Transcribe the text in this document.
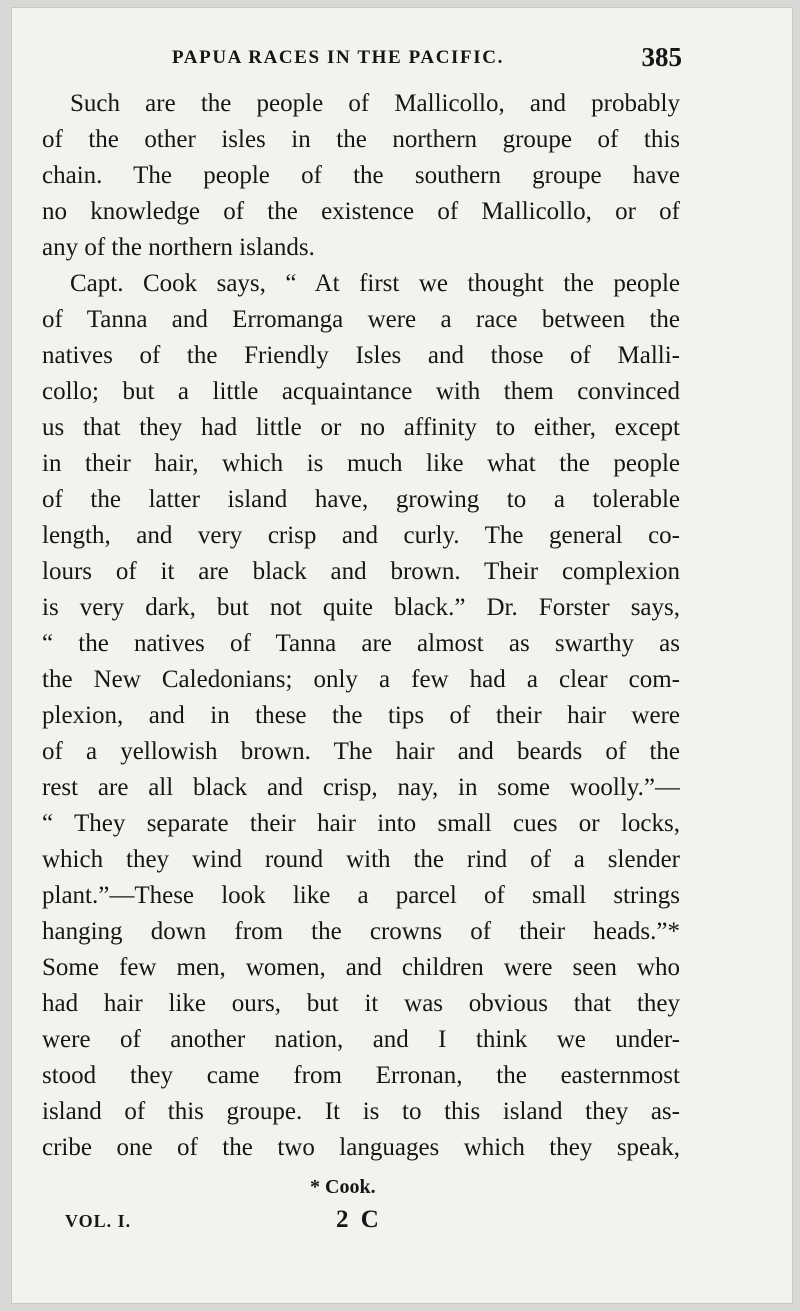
PAPUA RACES IN THE PACIFIC.	385
Such are the people of Mallicollo, and probably
of the other isles in the northern groupe of this
chain. The people of the southern groupe have
no knowledge of the existence of Mallicollo, or of
any of the northern islands.
Capt. Cook says, “ At first we thought the people
of Tanna and Erromanga were a race between the
natives of the Friendly Isles and those of Malli-
collo; but a little acquaintance with them convinced
us that they had little or no affinity to either, except
in their hair, which is much like what the people
of the latter island have, growing to a tolerable
length, and very crisp and curly. The general co-
lours of it are black and brown. Their complexion
is very dark, but not quite black.” Dr. Forster says,
“ the natives of Tanna are almost as swarthy as
the New Caledonians; only a few had a clear com-
plexion, and in these the tips of their hair were
of a yellowish brown. The hair and beards of the
rest are all black and crisp, nay, in some woolly.”—
“ They separate their hair into small cues or locks,
which they wind round with the rind of a slender
plant.”—These look like a parcel of small strings
hanging down from the crowns of their heads.”*
Some few men, women, and children were seen who
had hair like ours, but it was obvious that they
were of another nation, and I think we under-
stood they came from Erronan, the easternmost
island of this groupe. It is to this island they as-
cribe one of the two languages which they speak,
* Cook.
VOL. I.	2 C
